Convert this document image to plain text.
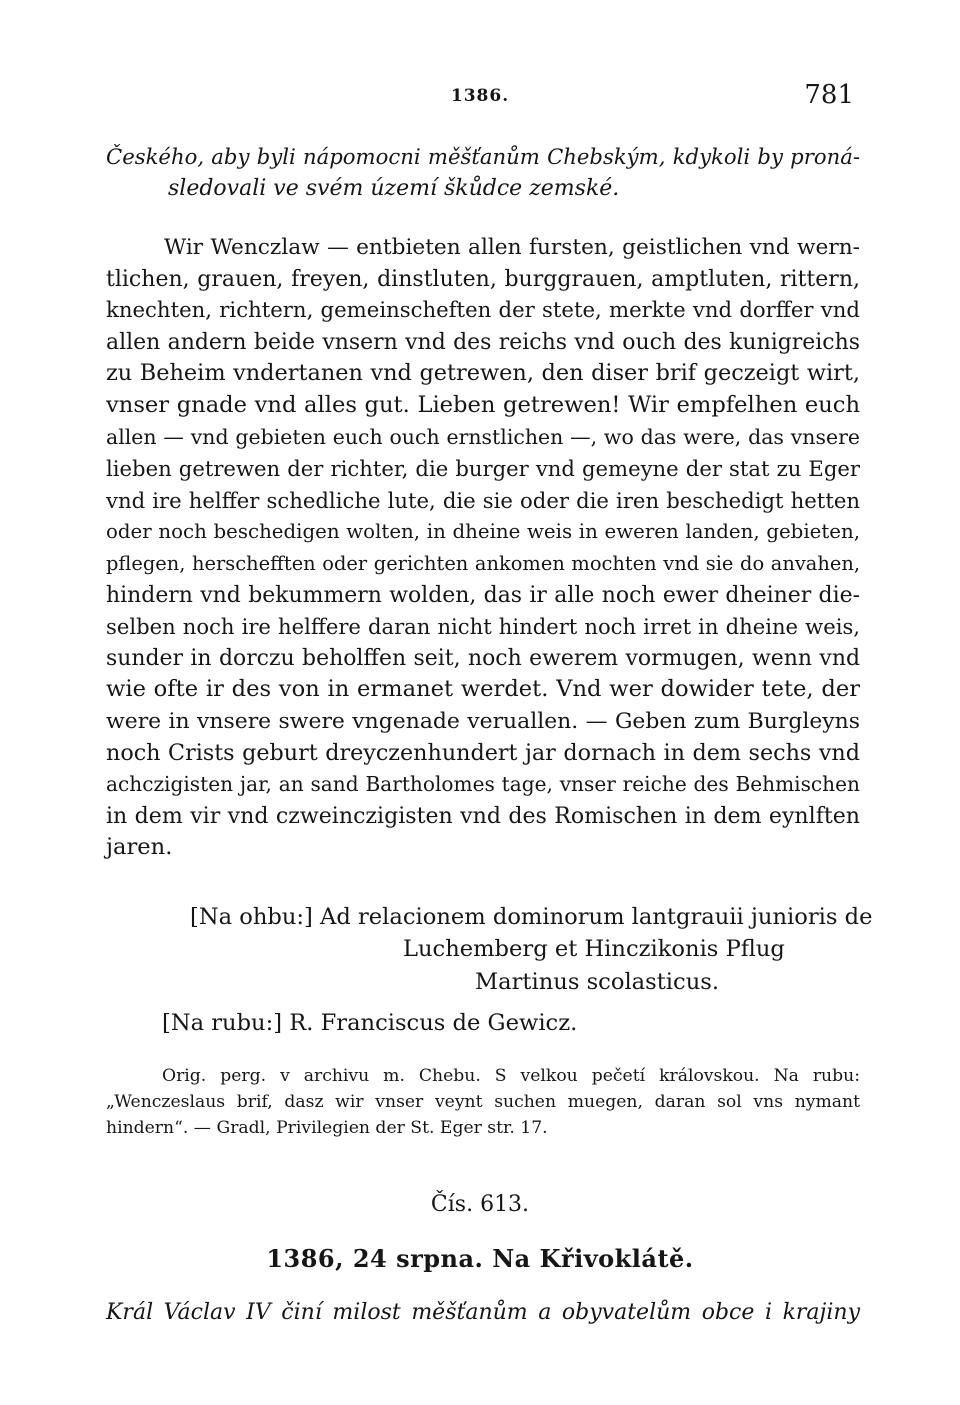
1386.	781
Českého, aby byli nápomocni měšťanům Chebským, kdykoli by proná-
sledovali ve svém území škůdce zemské.
Wir Wenczlaw — entbieten allen fursten, geistlichen vnd wern-
tlichen, grauen, freyen, dinstluten, burggrauen, amptluten, rittern,
knechten, richtern, gemeinscheften der stete, merkte vnd dorffer vnd
allen andern beide vnsern vnd des reichs vnd ouch des kunigreichs
zu Beheim vndertanen vnd getrewen, den diser brif geczeigt wirt,
vnser gnade vnd alles gut. Lieben getrewen! Wir empfelhen euch
allen — vnd gebieten euch ouch ernstlichen —, wo das were, das vnsere
lieben getrewen der richter, die burger vnd gemeyne der stat zu Eger
vnd ire helffer schedliche lute, die sie oder die iren beschedigt hetten
oder noch beschedigen wolten, in dheine weis in eweren landen, gebieten,
pflegen, herschefften oder gerichten ankomen mochten vnd sie do anvahen,
hindern vnd bekummern wolden, das ir alle noch ewer dheiner die-
selben noch ire helffere daran nicht hindert noch irret in dheine weis,
sunder in dorczu beholffen seit, noch ewerem vormugen, wenn vnd
wie ofte ir des von in ermanet werdet. Vnd wer dowider tete, der
were in vnsere swere vngenade veruallen. — Geben zum Burgleyns
noch Crists geburt dreyczenhundert jar dornach in dem sechs vnd
achczigisten jar, an sand Bartholomes tage, vnser reiche des Behmischen
in dem vir vnd czweinczigisten vnd des Romischen in dem eynlften
jaren.
[Na ohbu:] Ad relacionem dominorum lantgrauii junioris de
Luchemberg et Hinczikonis Pflug
Martinus scolasticus.
[Na rubu:] R. Franciscus de Gewicz.
Orig. perg. v archivu m. Chebu. S velkou pečetí královskou. Na rubu:
„Wenczeslaus brif, dasz wir vnser veynt suchen muegen, daran sol vns nymant
hindern“. — Gradl, Privilegien der St. Eger str. 17.
Čís. 613.
1386, 24 srpna. Na Křivoklátě.
Král Václav IV činí milost měšťanům a obyvatelům obce i krajiny
